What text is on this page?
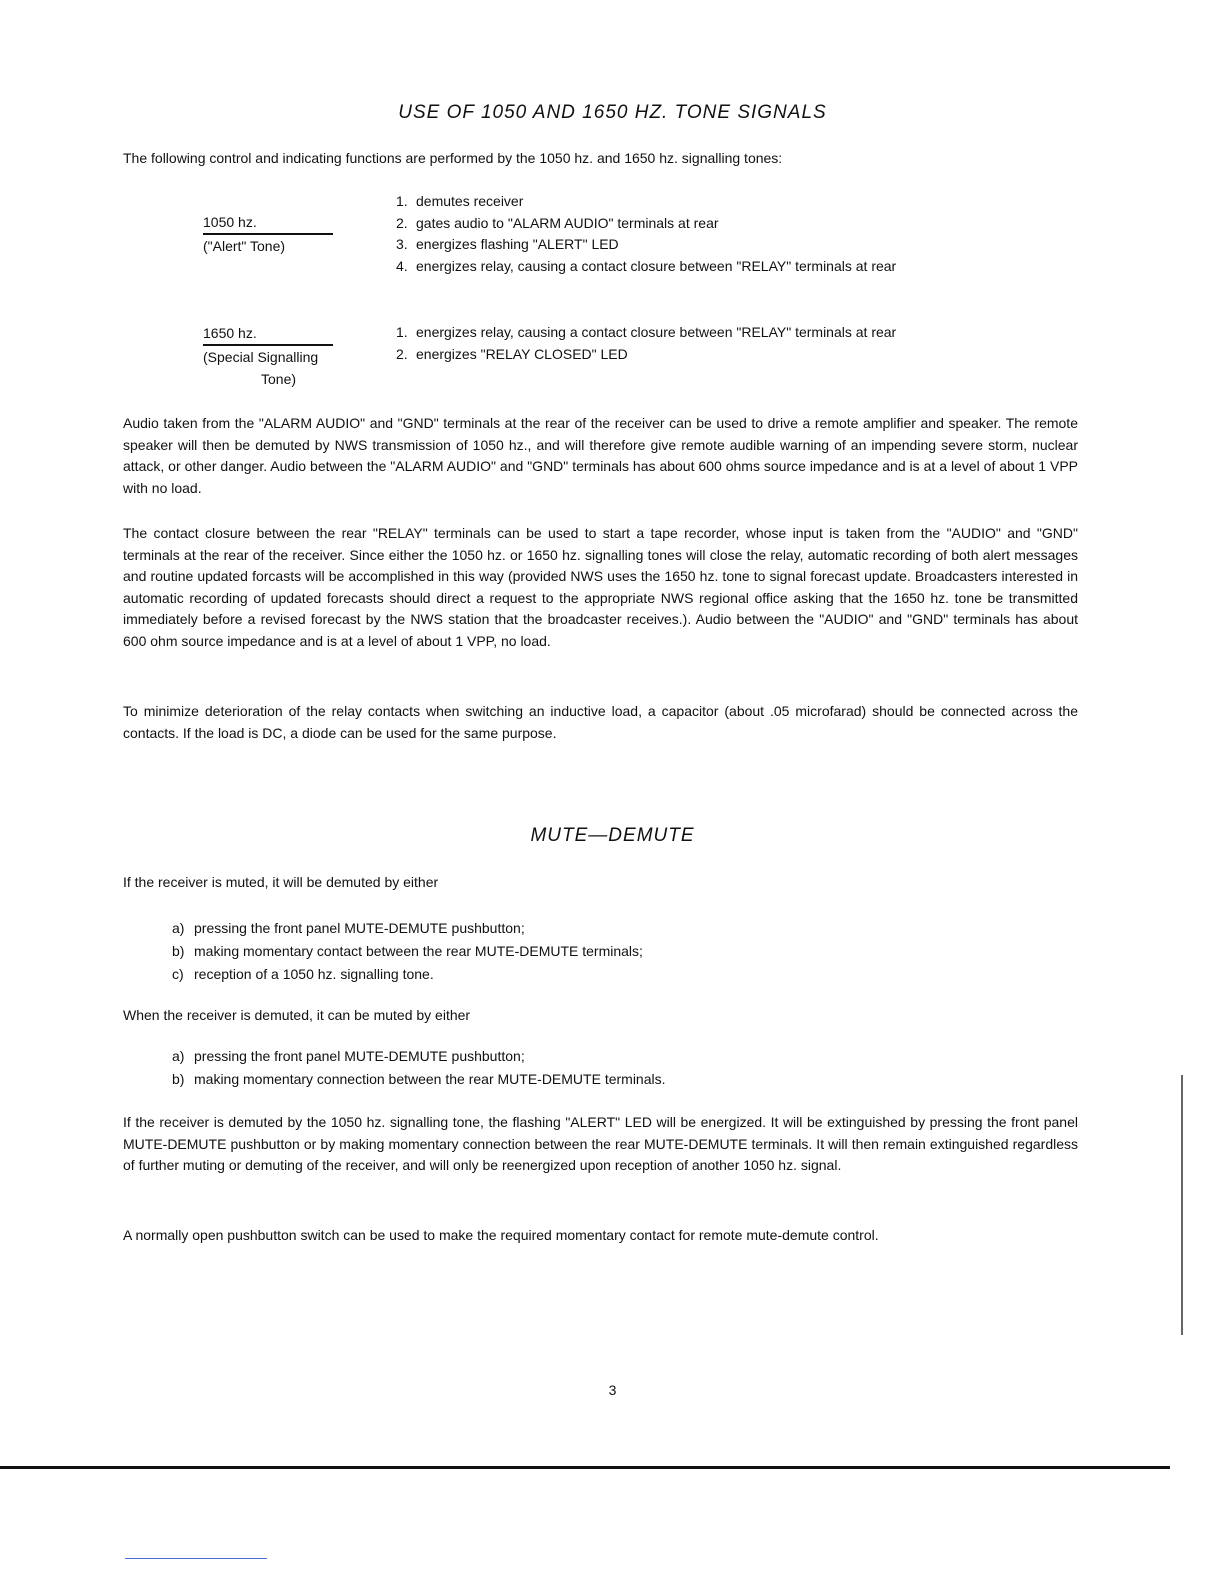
USE OF 1050 AND 1650 HZ. TONE SIGNALS

The following control and indicating functions are performed by the 1050 hz. and 1650 hz. signalling tones:

1050 hz.
("Alert" Tone)
1. demutes receiver
2. gates audio to "ALARM AUDIO" terminals at rear
3. energizes flashing "ALERT" LED
4. energizes relay, causing a contact closure between "RELAY" terminals at rear
1650 hz.
(Special Signalling
Tone)
1. energizes relay, causing a contact closure between "RELAY" terminals at rear
2. energizes "RELAY CLOSED" LED

Audio taken from the "ALARM AUDIO" and "GND" terminals at the rear of the receiver can be used to drive a remote amplifier and speaker. The remote speaker will then be demuted by NWS transmission of 1050 hz., and will therefore give remote audible warning of an impending severe storm, nuclear attack, or other danger. Audio between the "ALARM AUDIO" and "GND" terminals has about 600 ohms source impedance and is at a level of about 1 VPP with no load.

The contact closure between the rear "RELAY" terminals can be used to start a tape recorder, whose input is taken from the "AUDIO" and "GND" terminals at the rear of the receiver. Since either the 1050 hz. or 1650 hz. signalling tones will close the relay, automatic recording of both alert messages and routine updated forcasts will be accomplished in this way (provided NWS uses the 1650 hz. tone to signal forecast update. Broadcasters interested in automatic recording of updated forecasts should direct a request to the appropriate NWS regional office asking that the 1650 hz. tone be transmitted immediately before a revised forecast by the NWS station that the broadcaster receives.). Audio between the "AUDIO" and "GND" terminals has about 600 ohm source impedance and is at a level of about 1 VPP, no load.

To minimize deterioration of the relay contacts when switching an inductive load, a capacitor (about .05 microfarad) should be connected across the contacts. If the load is DC, a diode can be used for the same purpose.

MUTE—DEMUTE

If the receiver is muted, it will be demuted by either

a) pressing the front panel MUTE-DEMUTE pushbutton;
b) making momentary contact between the rear MUTE-DEMUTE terminals;
c) reception of a 1050 hz. signalling tone.

When the receiver is demuted, it can be muted by either

a) pressing the front panel MUTE-DEMUTE pushbutton;
b) making momentary connection between the rear MUTE-DEMUTE terminals.

If the receiver is demuted by the 1050 hz. signalling tone, the flashing "ALERT" LED will be energized. It will be extinguished by pressing the front panel MUTE-DEMUTE pushbutton or by making momentary connection between the rear MUTE-DEMUTE terminals. It will then remain extinguished regardless of further muting or demuting of the receiver, and will only be reenergized upon reception of another 1050 hz. signal.

A normally open pushbutton switch can be used to make the required momentary contact for remote mute-demute control.

3
